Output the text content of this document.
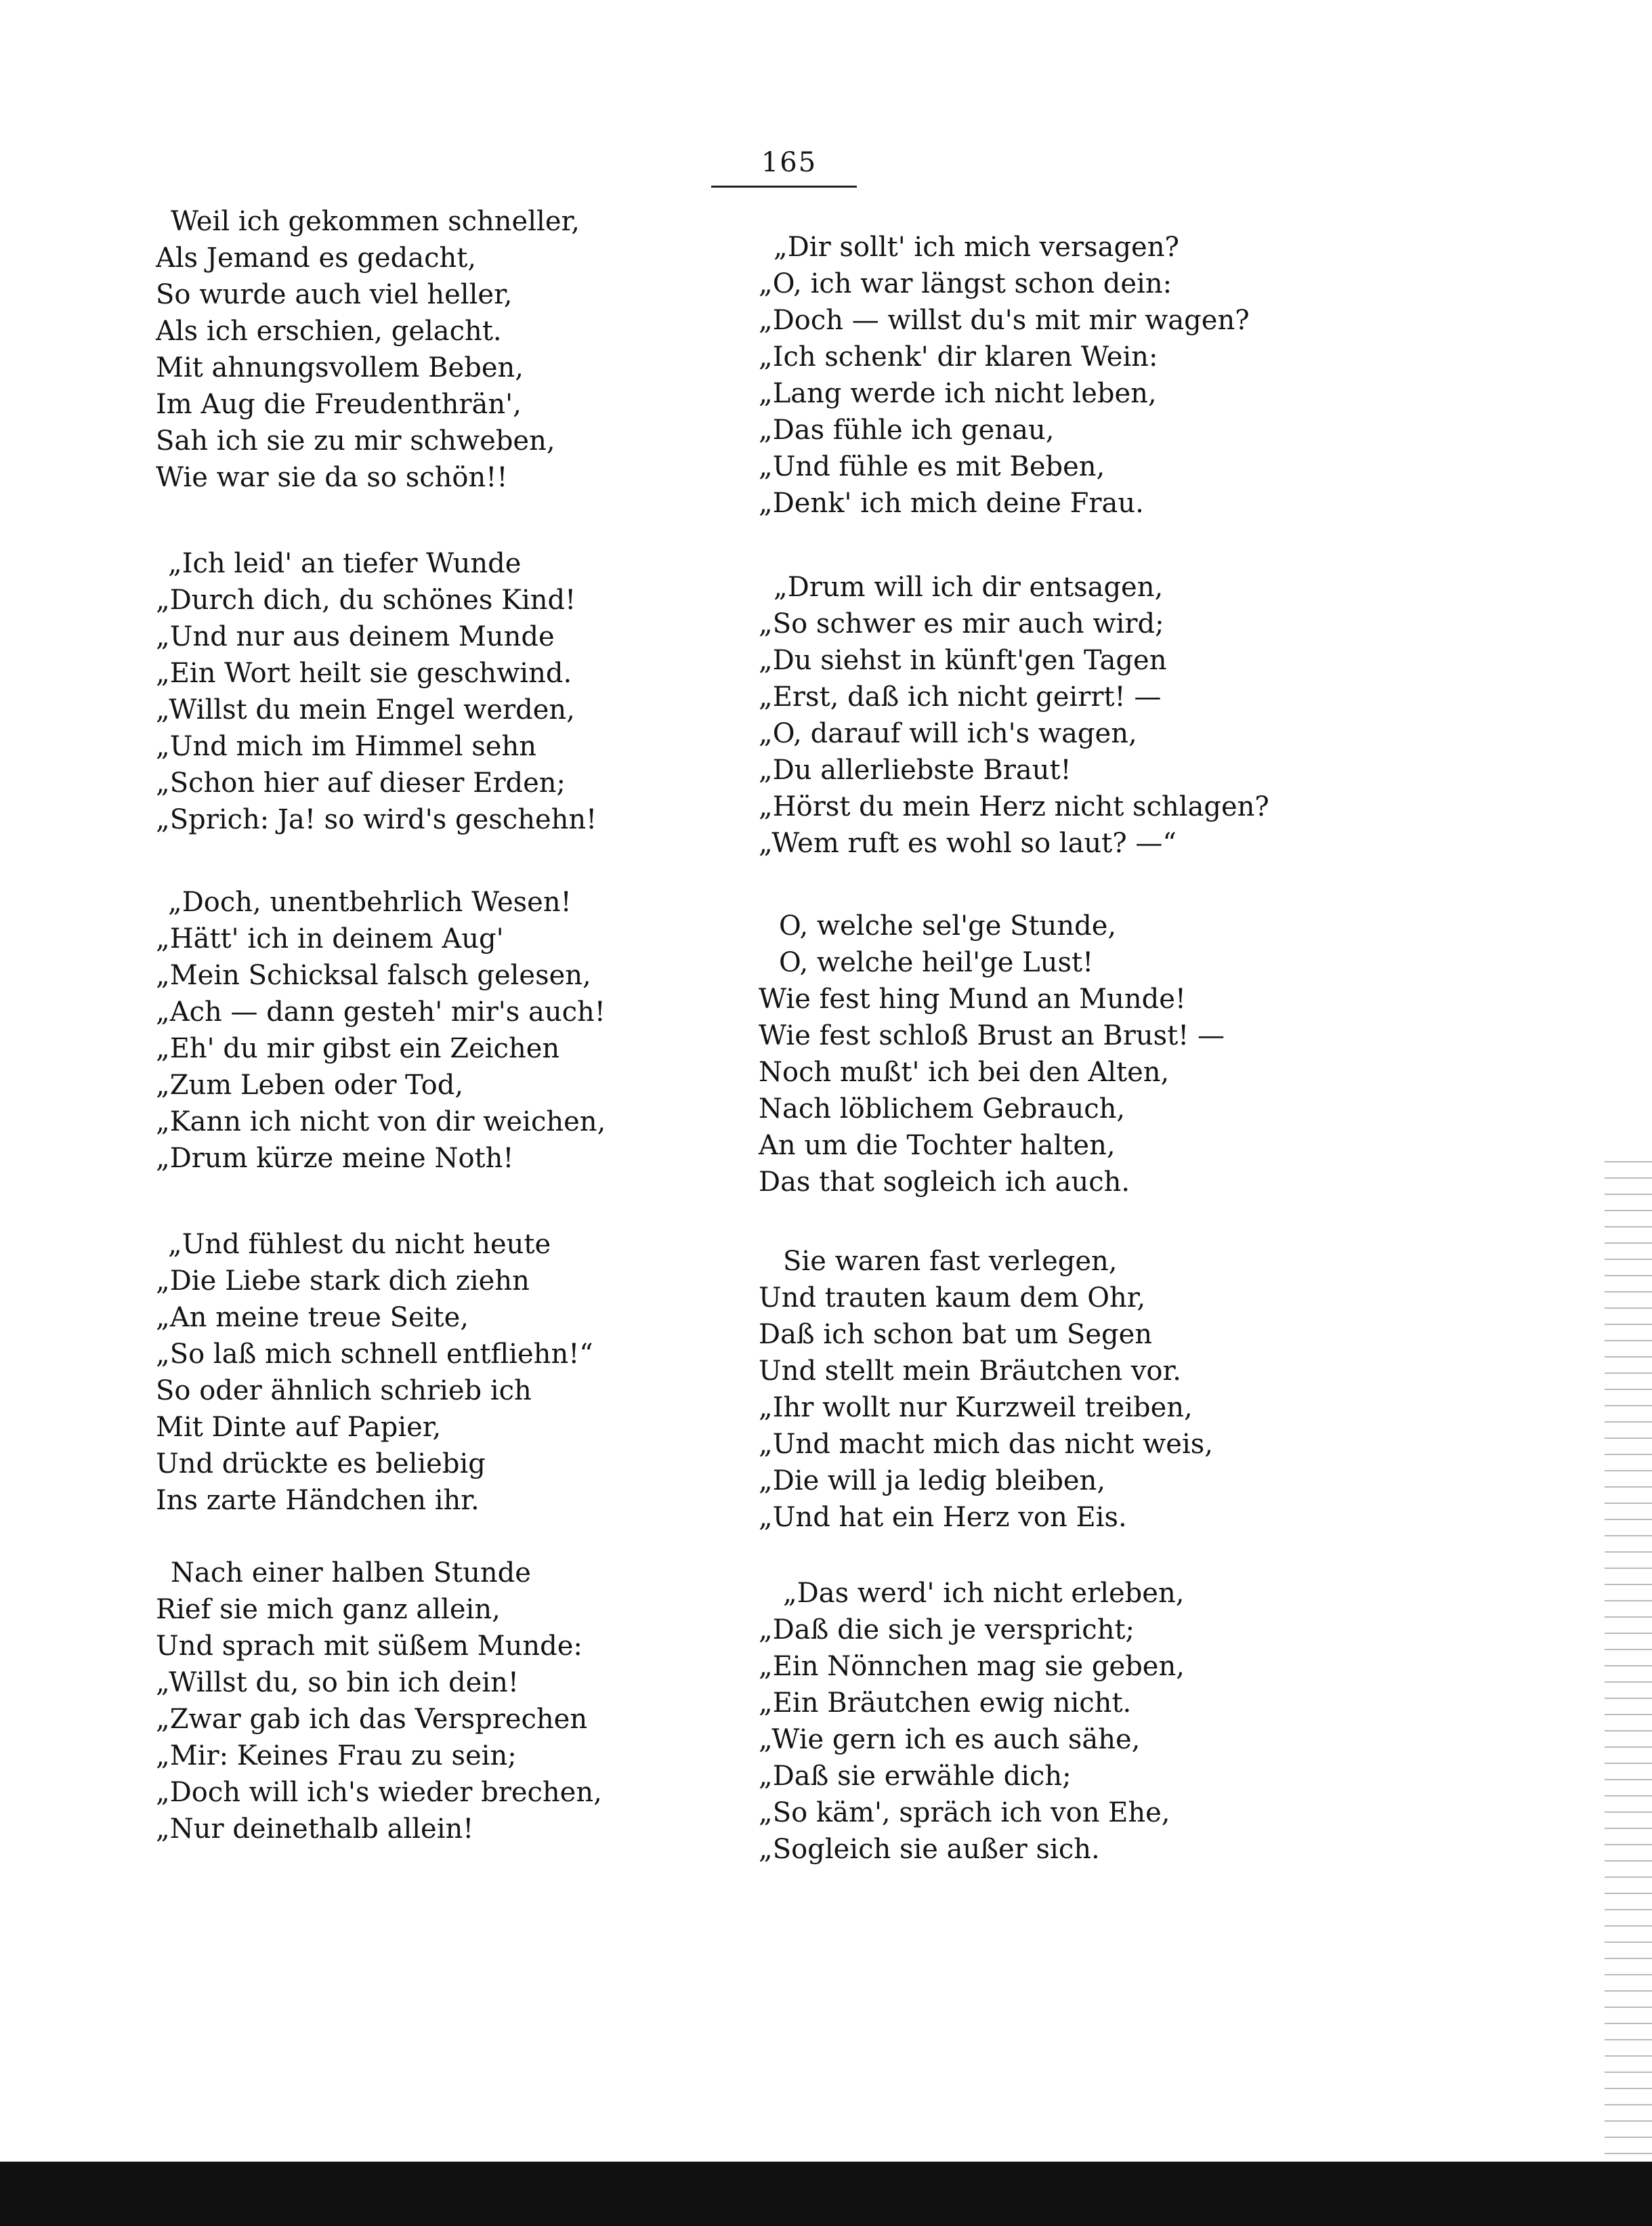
165
Weil ich gekommen schneller,
Als Jemand es gedacht,
So wurde auch viel heller,
Als ich erschien, gelacht.
Mit ahnungsvollem Beben,
Im Aug die Freudenthrän',
Sah ich sie zu mir schweben,
Wie war sie da so schön!!
„Ich leid' an tiefer Wunde
„Durch dich, du schönes Kind!
„Und nur aus deinem Munde
„Ein Wort heilt sie geschwind.
„Willst du mein Engel werden,
„Und mich im Himmel sehn
„Schon hier auf dieser Erden;
„Sprich: Ja! so wird's geschehn!
„Doch, unentbehrlich Wesen!
„Hätt' ich in deinem Aug'
„Mein Schicksal falsch gelesen,
„Ach — dann gesteh' mir's auch!
„Eh' du mir gibst ein Zeichen
„Zum Leben oder Tod,
„Kann ich nicht von dir weichen,
„Drum kürze meine Noth!
„Und fühlest du nicht heute
„Die Liebe stark dich ziehn
„An meine treue Seite,
„So laß mich schnell entfliehn!“
So oder ähnlich schrieb ich
Mit Dinte auf Papier,
Und drückte es beliebig
Ins zarte Händchen ihr.
Nach einer halben Stunde
Rief sie mich ganz allein,
Und sprach mit süßem Munde:
„Willst du, so bin ich dein!
„Zwar gab ich das Versprechen
„Mir: Keines Frau zu sein;
„Doch will ich's wieder brechen,
„Nur deinethalb allein!
„Dir sollt' ich mich versagen?
„O, ich war längst schon dein:
„Doch — willst du's mit mir wagen?
„Ich schenk' dir klaren Wein:
„Lang werde ich nicht leben,
„Das fühle ich genau,
„Und fühle es mit Beben,
„Denk' ich mich deine Frau.
„Drum will ich dir entsagen,
„So schwer es mir auch wird;
„Du siehst in künft'gen Tagen
„Erst, daß ich nicht geirrt! —
„O, darauf will ich's wagen,
„Du allerliebste Braut!
„Hörst du mein Herz nicht schlagen?
„Wem ruft es wohl so laut? —“
O, welche sel'ge Stunde,
O, welche heil'ge Lust!
Wie fest hing Mund an Munde!
Wie fest schloß Brust an Brust! —
Noch mußt' ich bei den Alten,
Nach löblichem Gebrauch,
An um die Tochter halten,
Das that sogleich ich auch.
Sie waren fast verlegen,
Und trauten kaum dem Ohr,
Daß ich schon bat um Segen
Und stellt mein Bräutchen vor.
„Ihr wollt nur Kurzweil treiben,
„Und macht mich das nicht weis,
„Die will ja ledig bleiben,
„Und hat ein Herz von Eis.
„Das werd' ich nicht erleben,
„Daß die sich je verspricht;
„Ein Nönnchen mag sie geben,
„Ein Bräutchen ewig nicht.
„Wie gern ich es auch sähe,
„Daß sie erwähle dich;
„So käm', spräch ich von Ehe,
„Sogleich sie außer sich.
